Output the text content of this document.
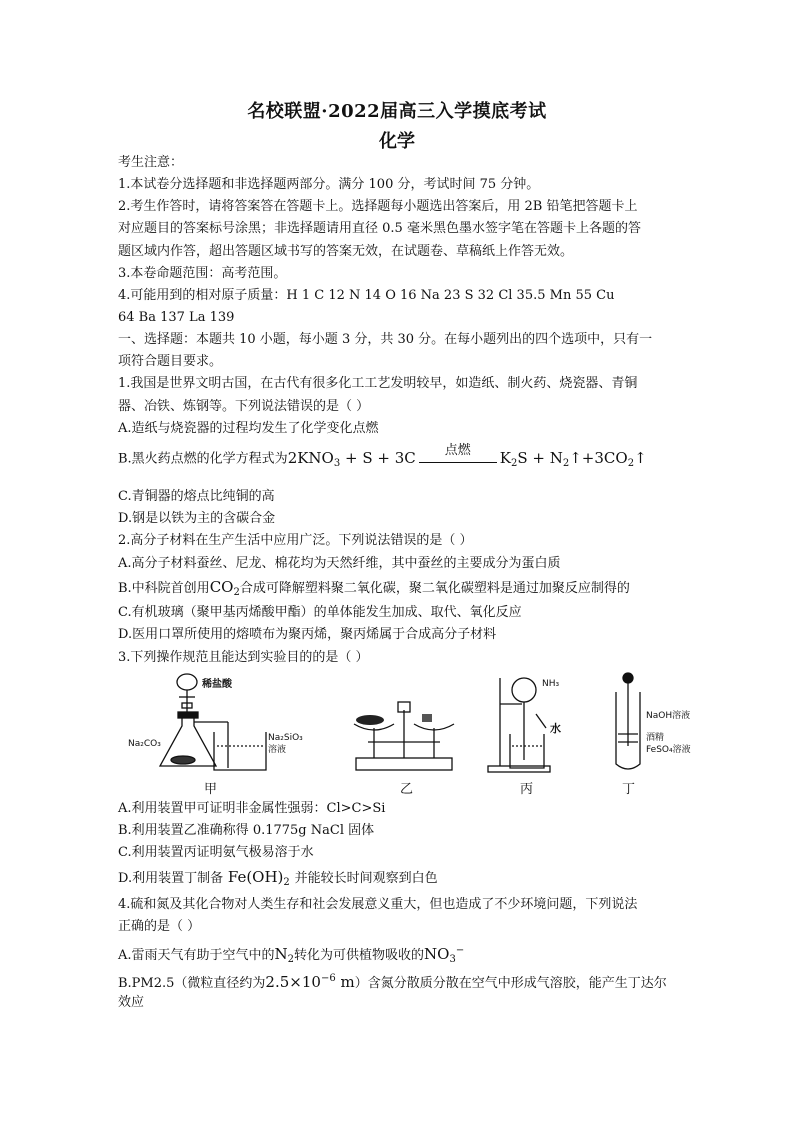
名校联盟·2022届高三入学摸底考试
化学
考生注意：
1.本试卷分选择题和非选择题两部分。满分 100 分，考试时间 75 分钟。
2.考生作答时，请将答案答在答题卡上。选择题每小题选出答案后，用 2B 铅笔把答题卡上
对应题目的答案标号涂黑；非选择题请用直径 0.5 毫米黑色墨水签字笔在答题卡上各题的答
题区域内作答，超出答题区域书写的答案无效，在试题卷、草稿纸上作答无效。
3.本卷命题范围：高考范围。
4.可能用到的相对原子质量：H 1 C 12 N 14 O 16 Na 23 S 32 Cl 35.5 Mn 55 Cu
64 Ba 137 La 139
一、选择题：本题共 10 小题，每小题 3 分，共 30 分。在每小题列出的四个选项中，只有一
项符合题目要求。
1.我国是世界文明古国，在古代有很多化工工艺发明较早，如造纸、制火药、烧瓷器、青铜
器、冶铁、炼钢等。下列说法错误的是（ ）
A.造纸与烧瓷器的过程均发生了化学变化点燃
B.黑火药点燃的化学方程式为$2KNO_3 + S + 3C$	点燃	$K_2S$ + $N_2↑+3CO_2↑$
C.青铜器的熔点比纯铜的高
D.钢是以铁为主的含碳合金
2.高分子材料在生产生活中应用广泛。下列说法错误的是（ ）
A.高分子材料蚕丝、尼龙、棉花均为天然纤维，其中蚕丝的主要成分为蛋白质
B.中科院首创用$CO_2$合成可降解塑料聚二氧化碳，聚二氧化碳塑料是通过加聚反应制得的
C.有机玻璃（聚甲基丙烯酸甲酯）的单体能发生加成、取代、氧化反应
D.医用口罩所使用的熔喷布为聚丙烯，聚丙烯属于合成高分子材料
3.下列操作规范且能达到实验目的的是（ ）
稀盐酸
Na₂CO₃
Na₂SiO₃
溶液
NH₃
水
NaOH溶液
酒精
FeSO₄溶液
甲	乙	丙	丁
A.利用装置甲可证明非金属性强弱：Cl>C>Si
B.利用装置乙准确称得 0.1775g NaCl 固体
C.利用装置丙证明氨气极易溶于水
D.利用装置丁制备 $Fe(OH)_2$ 并能较长时间观察到白色
4.硫和氮及其化合物对人类生存和社会发展意义重大，但也造成了不少环境问题，下列说法
正确的是（ ）
A.雷雨天气有助于空气中的$N_2$转化为可供植物吸收的$NO_3^-$
B.PM2.5（微粒直径约为$2.5\times 10^{-6}$ m）含氮分散质分散在空气中形成气溶胶，能产生丁达尔
效应
